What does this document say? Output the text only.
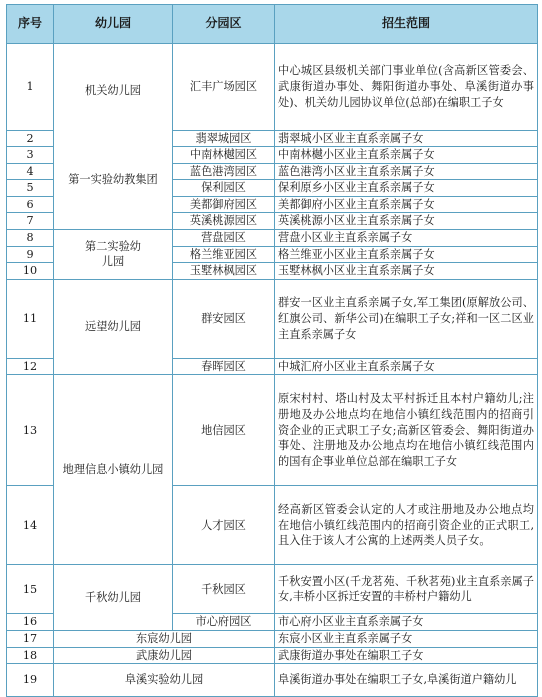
序号	幼儿园	分园区	招生范围
1	机关幼儿园	汇丰广场园区	中心城区县级机关部门事业单位(含高新区管委会、武康街道办事处、舞阳街道办事处、阜溪街道办事处)、机关幼儿园协议单位(总部)在编职工子女
2	第一实验幼教集团	翡翠城园区	翡翠城小区业主直系亲属子女
3		中南林樾园区	中南林樾小区业主直系亲属子女
4		蓝色港湾园区	蓝色港湾小区业主直系亲属子女
5		保利园区	保利原乡小区业主直系亲属子女
6		美都御府园区	美都御府小区业主直系亲属子女
7		英溪桃源园区	英溪桃源小区业主直系亲属子女
8	第二实验幼儿园	营盘园区	营盘小区业主直系亲属子女
9		格兰维亚园区	格兰维亚小区业主直系亲属子女
10		玉墅林枫园区	玉墅林枫小区业主直系亲属子女
11	远望幼儿园	群安园区	群安一区业主直系亲属子女,军工集团(原解放公司、红旗公司、新华公司)在编职工子女;祥和一区二区业主直系亲属子女
12		春晖园区	中城汇府小区业主直系亲属子女
13	地理信息小镇幼儿园	地信园区	原宋村村、塔山村及太平村拆迁且本村户籍幼儿;注册地及办公地点均在地信小镇红线范围内的招商引资企业的正式职工子女;高新区管委会、舞阳街道办事处、注册地及办公地点均在地信小镇红线范围内的国有企事业单位总部在编职工子女
14		人才园区	经高新区管委会认定的人才或注册地及办公地点均在地信小镇红线范围内的招商引资企业的正式职工,且入住于该人才公寓的上述两类人员子女。
15	千秋幼儿园	千秋园区	千秋安置小区(千龙茗苑、千秋茗苑)业主直系亲属子女,丰桥小区拆迁安置的丰桥村户籍幼儿
16		市心府园区	市心府小区业主直系亲属子女
17	东宸幼儿园		东宸小区业主直系亲属子女
18	武康幼儿园		武康街道办事处在编职工子女
19	阜溪实验幼儿园		阜溪街道办事处在编职工子女,阜溪街道户籍幼儿
